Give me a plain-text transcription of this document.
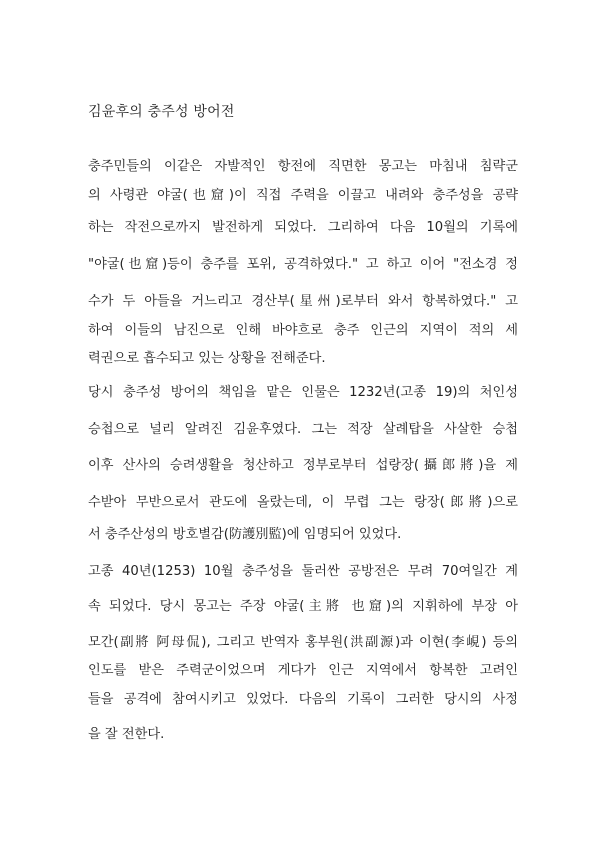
김윤후의 충주성 방어전
충주민들의 이같은 자발적인 항전에 직면한 몽고는 마침내 침략군
의 사령관 야굴(也窟)이 직접 주력을 이끌고 내려와 충주성을 공략
하는 작전으로까지 발전하게 되었다. 그리하여 다음 10월의 기록에
"야굴(也窟)등이 충주를 포위, 공격하였다." 고 하고 이어 "전소경 정
수가 두 아들을 거느리고 경산부(星州)로부터 와서 항복하였다." 고
하여 이들의 남진으로 인해 바야흐로 충주 인근의 지역이 적의 세
력권으로 흡수되고 있는 상황을 전해준다.
당시 충주성 방어의 책임을 맡은 인물은 1232년(고종 19)의 처인성
승첩으로 널리 알려진 김윤후였다. 그는 적장 살례탑을 사살한 승첩
이후 산사의 승려생활을 청산하고 정부로부터 섭랑장(攝郎將)을 제
수받아 무반으로서 관도에 올랐는데, 이 무렵 그는 랑장(郎將)으로
서 충주산성의 방호별감(防護別監)에 임명되어 있었다.
고종 40년(1253) 10월 충주성을 둘러싼 공방전은 무려 70여일간 계
속 되었다. 당시 몽고는 주장 야굴(主將 也窟)의 지휘하에 부장 아
모간(副將 阿母侃), 그리고 반역자 홍부원(洪副源)과 이현(李峴) 등의
인도를 받은 주력군이었으며 게다가 인근 지역에서 항복한 고려인
들을 공격에 참여시키고 있었다. 다음의 기록이 그러한 당시의 사정
을 잘 전한다.
